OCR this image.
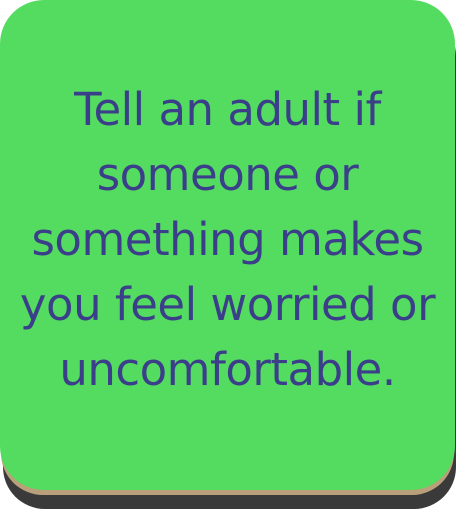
Tell an adult if someone or something makes you feel worried or uncomfortable.
